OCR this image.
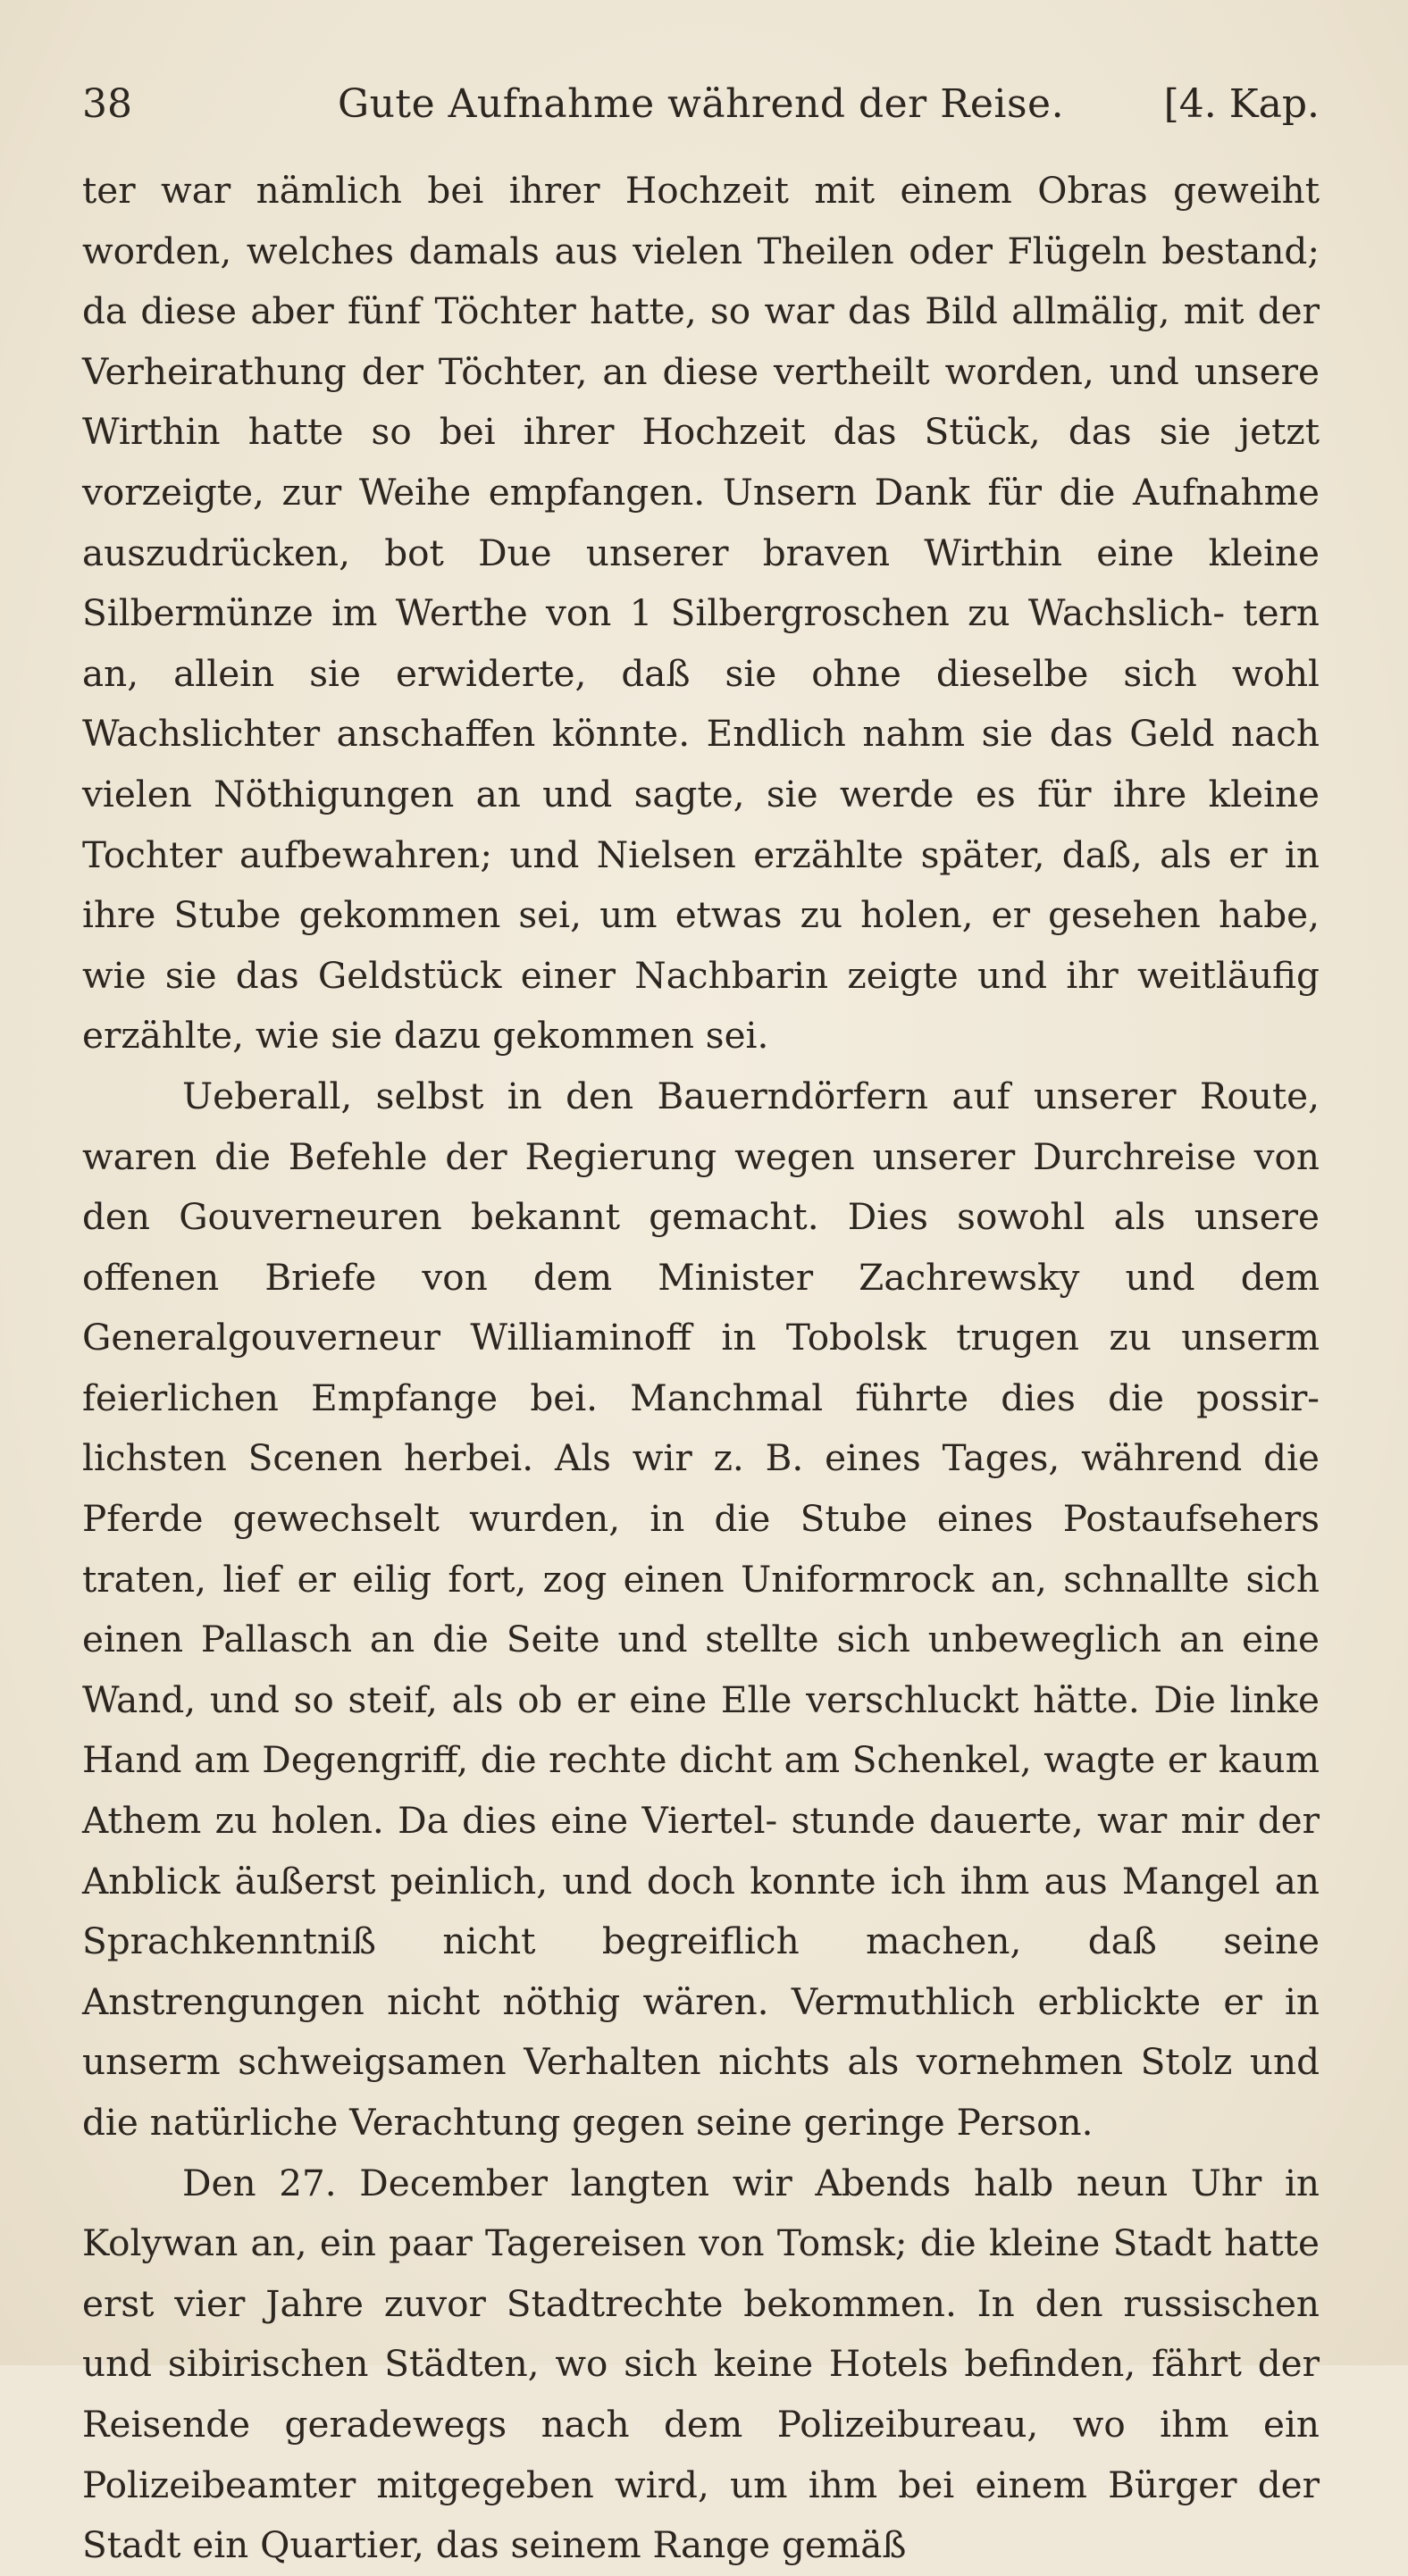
38	Gute Aufnahme während der Reise.	[4. Kap.

ter war nämlich bei ihrer Hochzeit mit einem Obras geweiht worden, welches damals aus vielen Theilen oder Flügeln bestand; da diese aber fünf Töchter hatte, so war das Bild allmälig, mit der Verheirathung der Töchter, an diese vertheilt worden, und unsere Wirthin hatte so bei ihrer Hochzeit das Stück, das sie jetzt vorzeigte, zur Weihe empfangen. Unsern Dank für die Aufnahme auszudrücken, bot Due unserer braven Wirthin eine kleine Silbermünze im Werthe von 1 Silbergroschen zu Wachslich- tern an, allein sie erwiderte, daß sie ohne dieselbe sich wohl Wachslichter anschaffen könnte. Endlich nahm sie das Geld nach vielen Nöthigungen an und sagte, sie werde es für ihre kleine Tochter aufbewahren; und Nielsen erzählte später, daß, als er in ihre Stube gekommen sei, um etwas zu holen, er gesehen habe, wie sie das Geldstück einer Nachbarin zeigte und ihr weitläufig erzählte, wie sie dazu gekommen sei.

Ueberall, selbst in den Bauerndörfern auf unserer Route, waren die Befehle der Regierung wegen unserer Durchreise von den Gouverneuren bekannt gemacht. Dies sowohl als unsere offenen Briefe von dem Minister Zachrewsky und dem Generalgouverneur Williaminoff in Tobolsk trugen zu unserm feierlichen Empfange bei. Manchmal führte dies die possir- lichsten Scenen herbei. Als wir z. B. eines Tages, während die Pferde gewechselt wurden, in die Stube eines Postaufsehers traten, lief er eilig fort, zog einen Uniformrock an, schnallte sich einen Pallasch an die Seite und stellte sich unbeweglich an eine Wand, und so steif, als ob er eine Elle verschluckt hätte. Die linke Hand am Degengriff, die rechte dicht am Schenkel, wagte er kaum Athem zu holen. Da dies eine Viertel- stunde dauerte, war mir der Anblick äußerst peinlich, und doch konnte ich ihm aus Mangel an Sprachkenntniß nicht begreiflich machen, daß seine Anstrengungen nicht nöthig wären. Vermuthlich erblickte er in unserm schweigsamen Verhalten nichts als vornehmen Stolz und die natürliche Verachtung gegen seine geringe Person.

Den 27. December langten wir Abends halb neun Uhr in Kolywan an, ein paar Tagereisen von Tomsk; die kleine Stadt hatte erst vier Jahre zuvor Stadtrechte bekommen. In den russischen und sibirischen Städten, wo sich keine Hotels befinden, fährt der Reisende geradewegs nach dem Polizeibureau, wo ihm ein Polizeibeamter mitgegeben wird, um ihm bei einem Bürger der Stadt ein Quartier, das seinem Range gemäß
